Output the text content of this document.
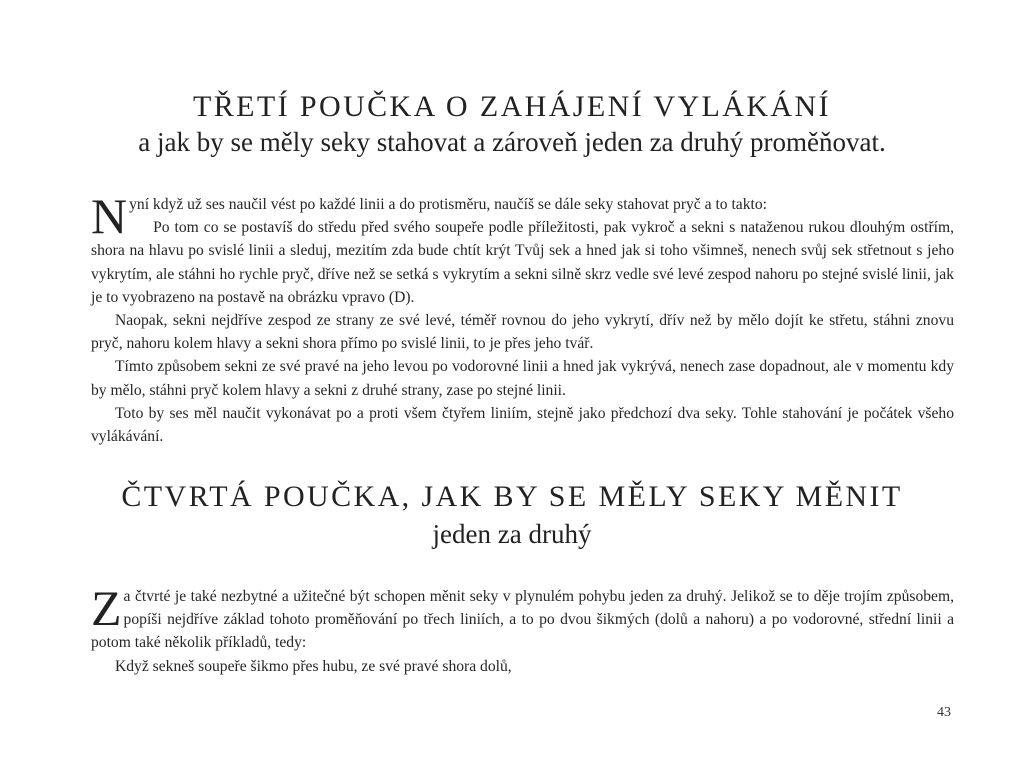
TŘETÍ POUČKA O ZAHÁJENÍ VYLÁKÁNÍ
a jak by se měly seky stahovat a zároveň jeden za druhý proměňovat.

Nyní když už ses naučil vést po každé linii a do protisměru, naučíš se dále seky stahovat pryč a to takto:

Po tom co se postavíš do středu před svého soupeře podle příležitosti, pak vykroč a sekni s nataženou rukou dlouhým ostřím, shora na hlavu po svislé linii a sleduj, mezitím zda bude chtít krýt Tvůj sek a hned jak si toho všimneš, nenech svůj sek střetnout s jeho vykrytím, ale stáhni ho rychle pryč, dříve než se setká s vykrytím a sekni silně skrz vedle své levé zespod nahoru po stejné svislé linii, jak je to vyobrazeno na postavě na obrázku vpravo (D).

Naopak, sekni nejdříve zespod ze strany ze své levé, téměř rovnou do jeho vykrytí, dřív než by mělo dojít ke střetu, stáhni znovu pryč, nahoru kolem hlavy a sekni shora přímo po svislé linii, to je přes jeho tvář.

Tímto způsobem sekni ze své pravé na jeho levou po vodorovné linii a hned jak vykrývá, nenech zase dopadnout, ale v momentu kdy by mělo, stáhni pryč kolem hlavy a sekni z druhé strany, zase po stejné linii.

Toto by ses měl naučit vykonávat po a proti všem čtyřem liniím, stejně jako předchozí dva seky. Tohle stahování je počátek všeho vylákávání.

ČTVRTÁ POUČKA, JAK BY SE MĚLY SEKY MĚNIT
jeden za druhý

Za čtvrté je také nezbytné a užitečné být schopen měnit seky v plynulém pohybu jeden za druhý. Jelikož se to děje trojím způsobem, popíši nejdříve základ tohoto proměňování po třech liniích, a to po dvou šikmých (dolů a nahoru) a po vodorovné, střední linii a potom také několik příkladů, tedy:

Když sekneš soupeře šikmo přes hubu, ze své pravé shora dolů,

43
